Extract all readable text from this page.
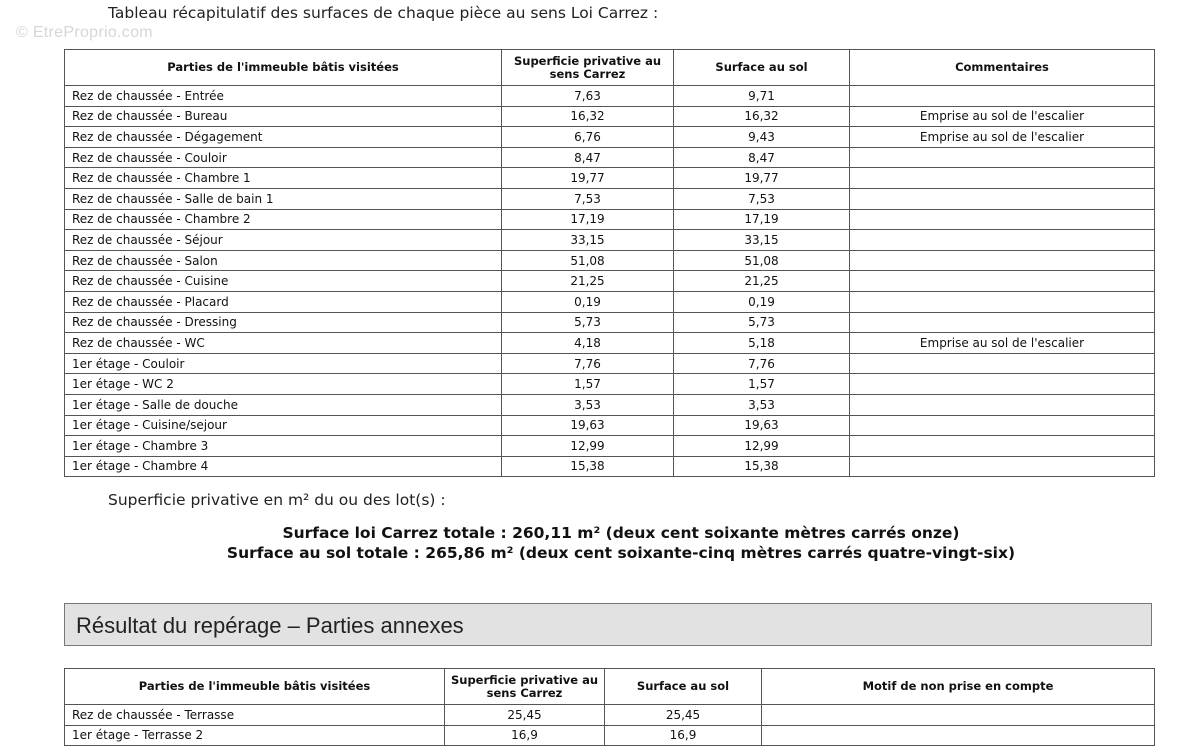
© EtreProprio.com
Tableau récapitulatif des surfaces de chaque pièce au sens Loi Carrez :
Parties de l'immeuble bâtis visitées	Superficie privative au sens Carrez	Surface au sol	Commentaires
Rez de chaussée - Entrée	7,63	9,71	
Rez de chaussée - Bureau	16,32	16,32	Emprise au sol de l'escalier
Rez de chaussée - Dégagement	6,76	9,43	Emprise au sol de l'escalier
Rez de chaussée - Couloir	8,47	8,47	
Rez de chaussée - Chambre 1	19,77	19,77	
Rez de chaussée - Salle de bain 1	7,53	7,53	
Rez de chaussée - Chambre 2	17,19	17,19	
Rez de chaussée - Séjour	33,15	33,15	
Rez de chaussée - Salon	51,08	51,08	
Rez de chaussée - Cuisine	21,25	21,25	
Rez de chaussée - Placard	0,19	0,19	
Rez de chaussée - Dressing	5,73	5,73	
Rez de chaussée - WC	4,18	5,18	Emprise au sol de l'escalier
1er étage - Couloir	7,76	7,76	
1er étage - WC 2	1,57	1,57	
1er étage - Salle de douche	3,53	3,53	
1er étage - Cuisine/sejour	19,63	19,63	
1er étage - Chambre 3	12,99	12,99	
1er étage - Chambre 4	15,38	15,38	
Superficie privative en m² du ou des lot(s) :
Surface loi Carrez totale : 260,11 m² (deux cent soixante mètres carrés onze)
Surface au sol totale : 265,86 m² (deux cent soixante-cinq mètres carrés quatre-vingt-six)
Résultat du repérage – Parties annexes
Parties de l'immeuble bâtis visitées	Superficie privative au sens Carrez	Surface au sol	Motif de non prise en compte
Rez de chaussée - Terrasse	25,45	25,45	
1er étage - Terrasse 2	16,9	16,9	
